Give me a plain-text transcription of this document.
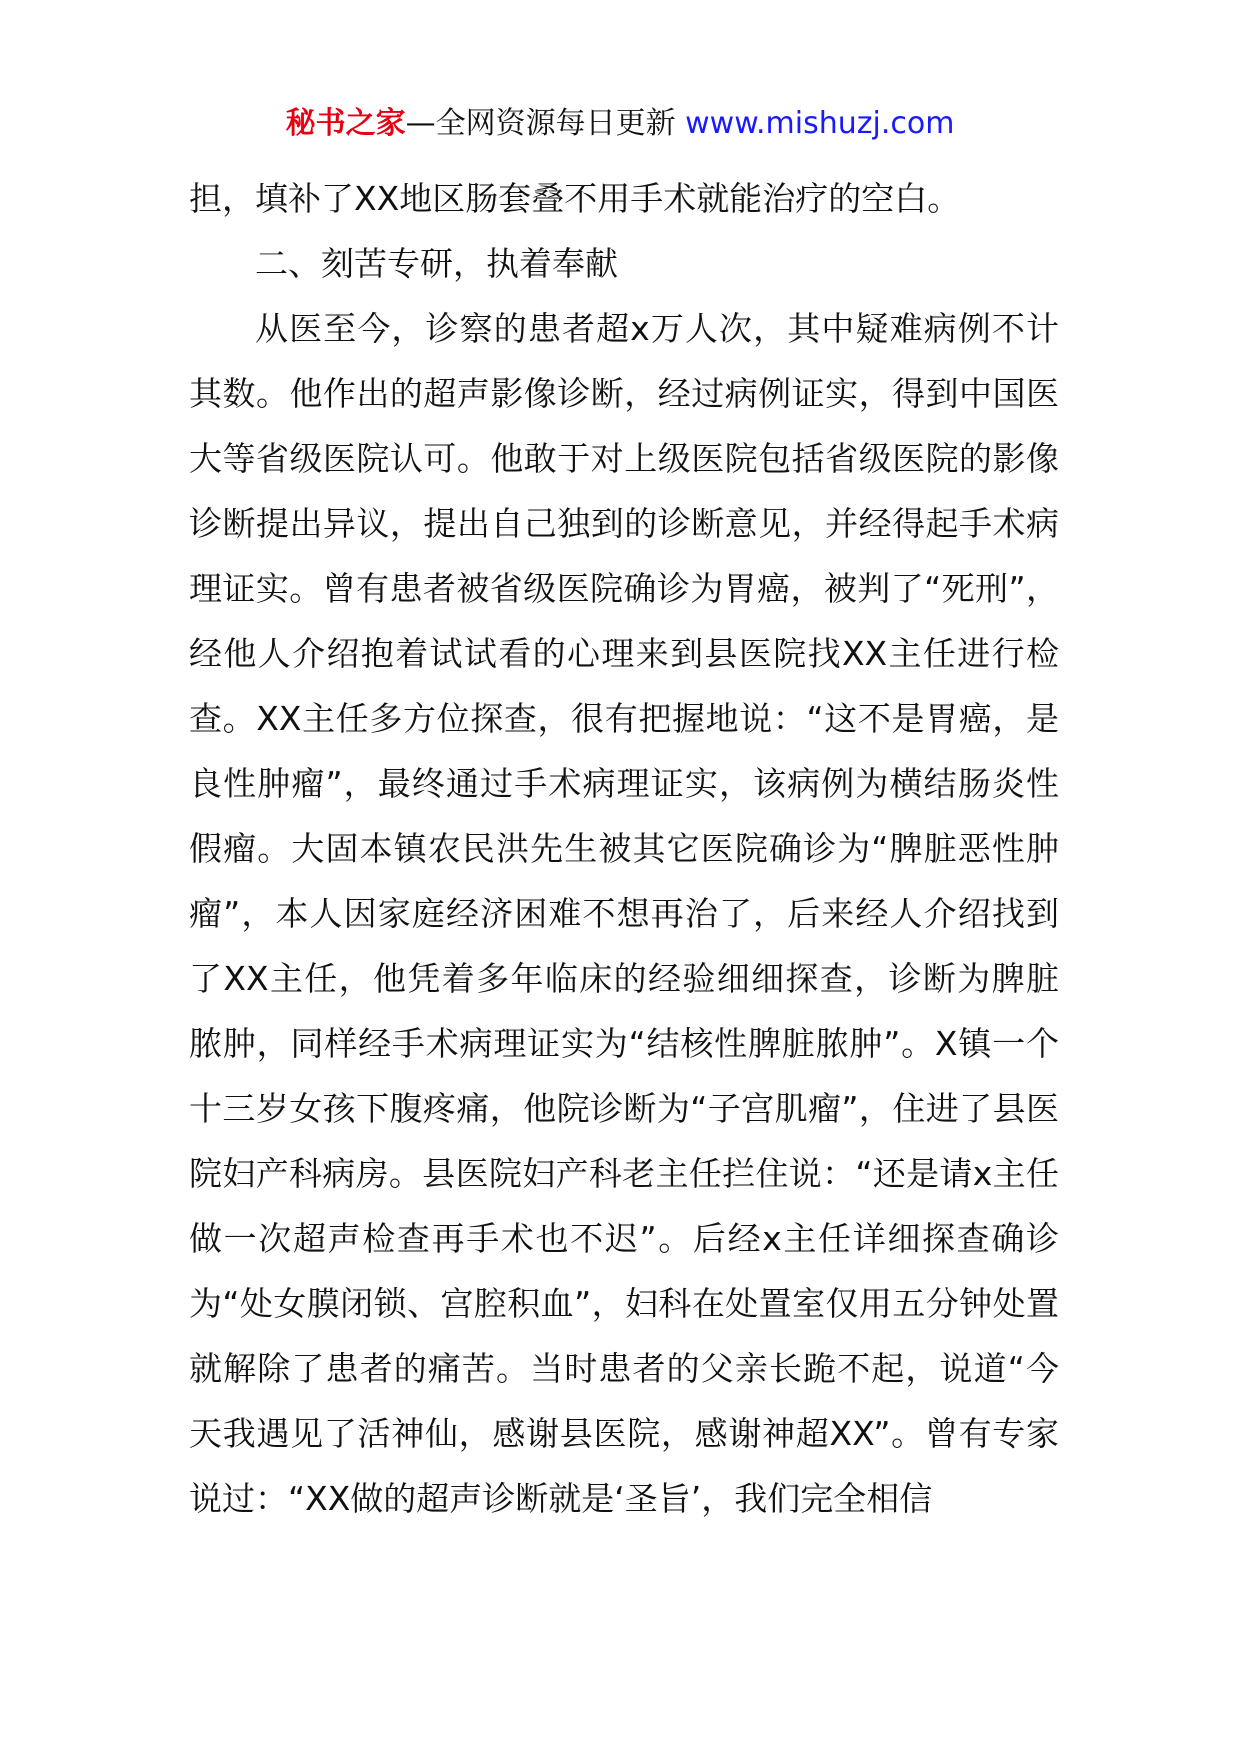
秘书之家—全网资源每日更新 www.mishuzj.com

担，填补了XX地区肠套叠不用手术就能治疗的空白。

二、刻苦专研，执着奉献

从医至今，诊察的患者超x万人次，其中疑难病例不计其数。他作出的超声影像诊断，经过病例证实，得到中国医大等省级医院认可。他敢于对上级医院包括省级医院的影像诊断提出异议，提出自己独到的诊断意见，并经得起手术病理证实。曾有患者被省级医院确诊为胃癌，被判了“死刑”，经他人介绍抱着试试看的心理来到县医院找XX主任进行检查。XX主任多方位探查，很有把握地说：“这不是胃癌，是良性肿瘤”，最终通过手术病理证实，该病例为横结肠炎性假瘤。大固本镇农民洪先生被其它医院确诊为“脾脏恶性肿瘤”，本人因家庭经济困难不想再治了，后来经人介绍找到了XX主任，他凭着多年临床的经验细细探查，诊断为脾脏脓肿，同样经手术病理证实为“结核性脾脏脓肿”。X镇一个十三岁女孩下腹疼痛，他院诊断为“子宫肌瘤”，住进了县医院妇产科病房。县医院妇产科老主任拦住说：“还是请x主任做一次超声检查再手术也不迟”。后经x主任详细探查确诊为“处女膜闭锁、宫腔积血”，妇科在处置室仅用五分钟处置就解除了患者的痛苦。当时患者的父亲长跪不起，说道“今天我遇见了活神仙，感谢县医院，感谢神超XX”。曾有专家说过：“XX做的超声诊断就是‘圣旨’，我们完全相信
